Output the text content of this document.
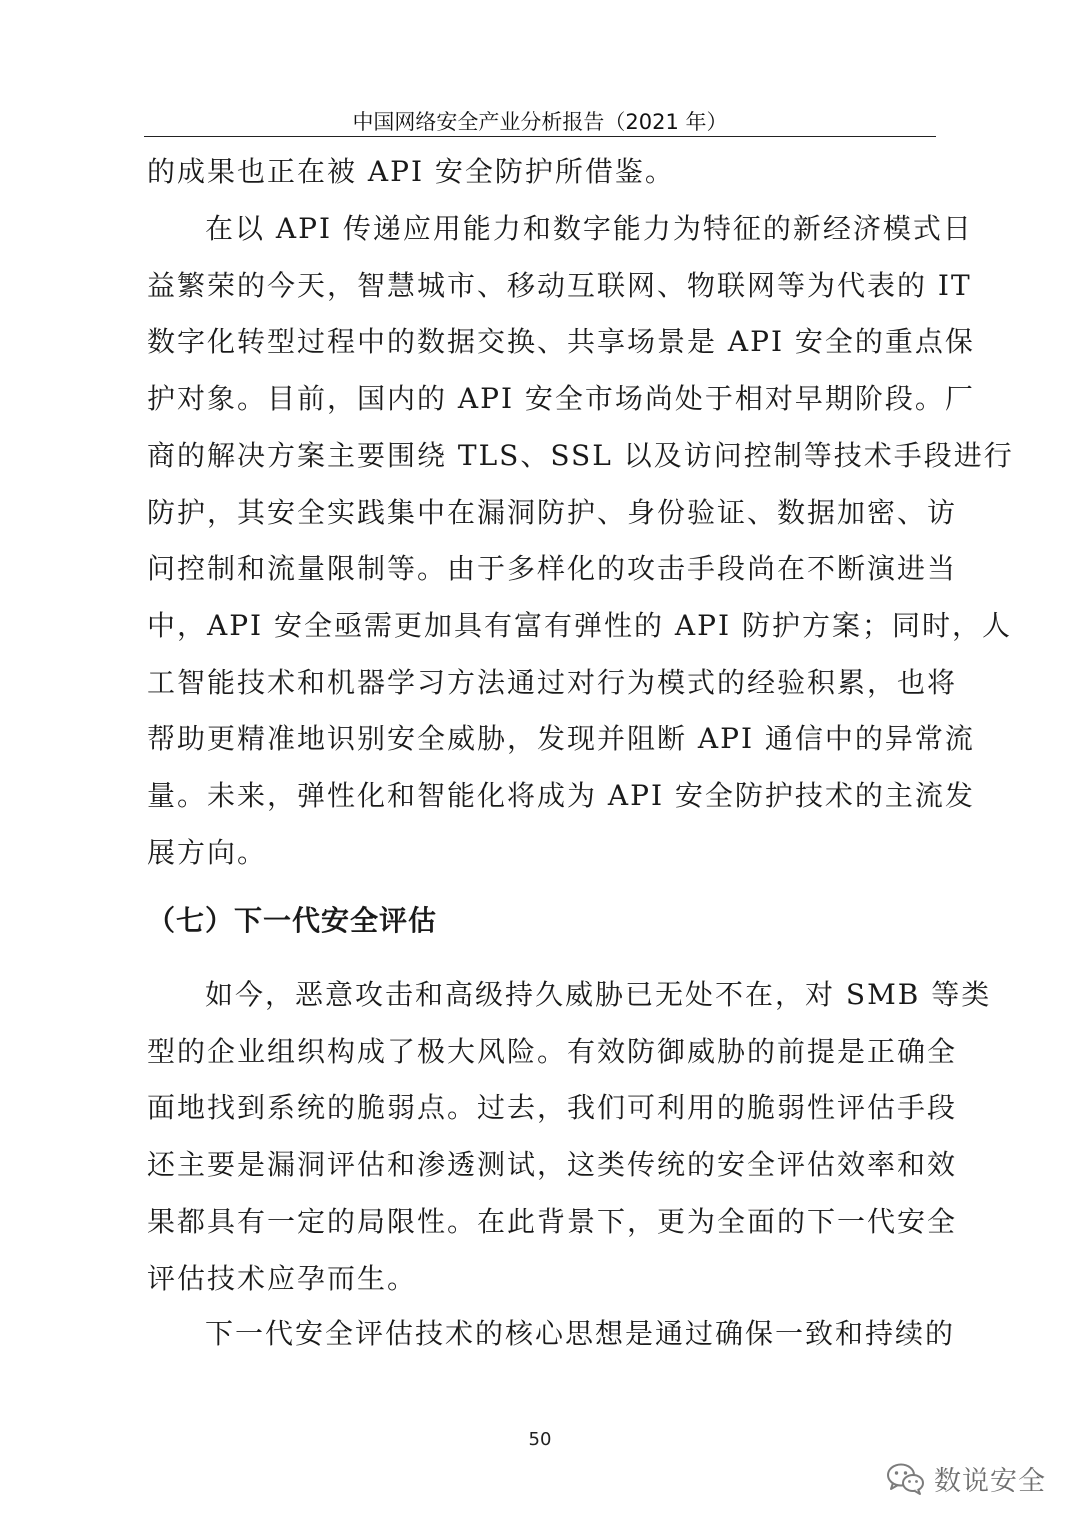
中国网络安全产业分析报告（2021 年）
的成果也正在被 API 安全防护所借鉴。
在以 API 传递应用能力和数字能力为特征的新经济模式日
益繁荣的今天，智慧城市、移动互联网、物联网等为代表的 IT
数字化转型过程中的数据交换、共享场景是 API 安全的重点保
护对象。目前，国内的 API 安全市场尚处于相对早期阶段。厂
商的解决方案主要围绕 TLS、SSL 以及访问控制等技术手段进行
防护，其安全实践集中在漏洞防护、身份验证、数据加密、访
问控制和流量限制等。由于多样化的攻击手段尚在不断演进当
中，API 安全亟需更加具有富有弹性的 API 防护方案；同时，人
工智能技术和机器学习方法通过对行为模式的经验积累，也将
帮助更精准地识别安全威胁，发现并阻断 API 通信中的异常流
量。未来，弹性化和智能化将成为 API 安全防护技术的主流发
展方向。
（七）下一代安全评估
如今，恶意攻击和高级持久威胁已无处不在，对 SMB 等类
型的企业组织构成了极大风险。有效防御威胁的前提是正确全
面地找到系统的脆弱点。过去，我们可利用的脆弱性评估手段
还主要是漏洞评估和渗透测试，这类传统的安全评估效率和效
果都具有一定的局限性。在此背景下，更为全面的下一代安全
评估技术应孕而生。
下一代安全评估技术的核心思想是通过确保一致和持续的
50
数说安全
